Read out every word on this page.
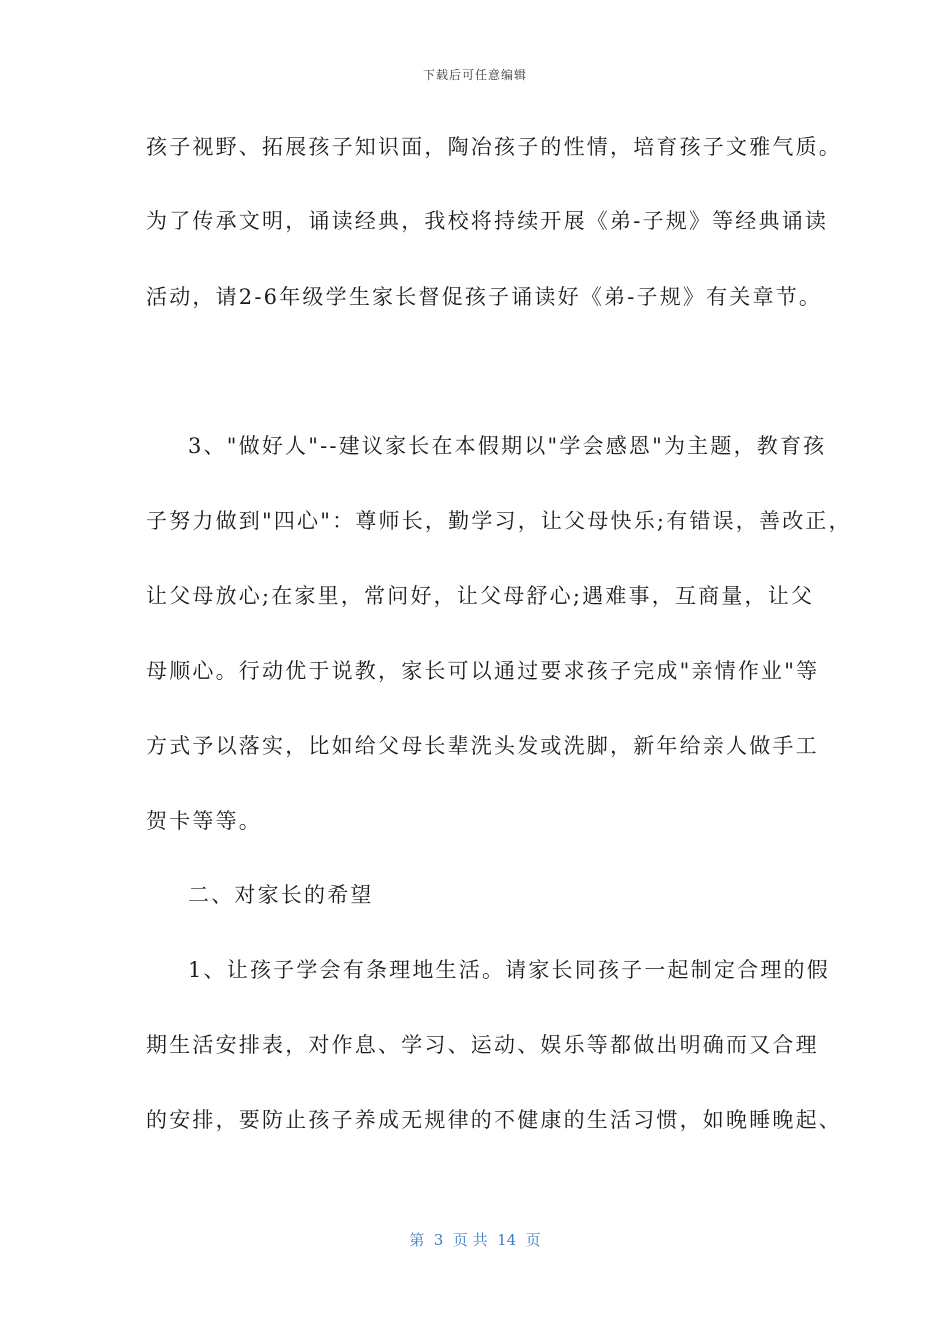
下载后可任意编辑
孩子视野、拓展孩子知识面，陶冶孩子的性情，培育孩子文雅气质。
为了传承文明，诵读经典，我校将持续开展《弟-子规》等经典诵读
活动，请2-6年级学生家长督促孩子诵读好《弟-子规》有关章节。
3、"做好人"--建议家长在本假期以"学会感恩"为主题，教育孩
子努力做到"四心"：尊师长，勤学习，让父母快乐;有错误，善改正，
让父母放心;在家里，常问好，让父母舒心;遇难事，互商量，让父
母顺心。行动优于说教，家长可以通过要求孩子完成"亲情作业"等
方式予以落实，比如给父母长辈洗头发或洗脚，新年给亲人做手工
贺卡等等。
二、对家长的希望
1、让孩子学会有条理地生活。请家长同孩子一起制定合理的假
期生活安排表，对作息、学习、运动、娱乐等都做出明确而又合理
的安排，要防止孩子养成无规律的不健康的生活习惯，如晚睡晚起、
第  3  页 共  14  页
